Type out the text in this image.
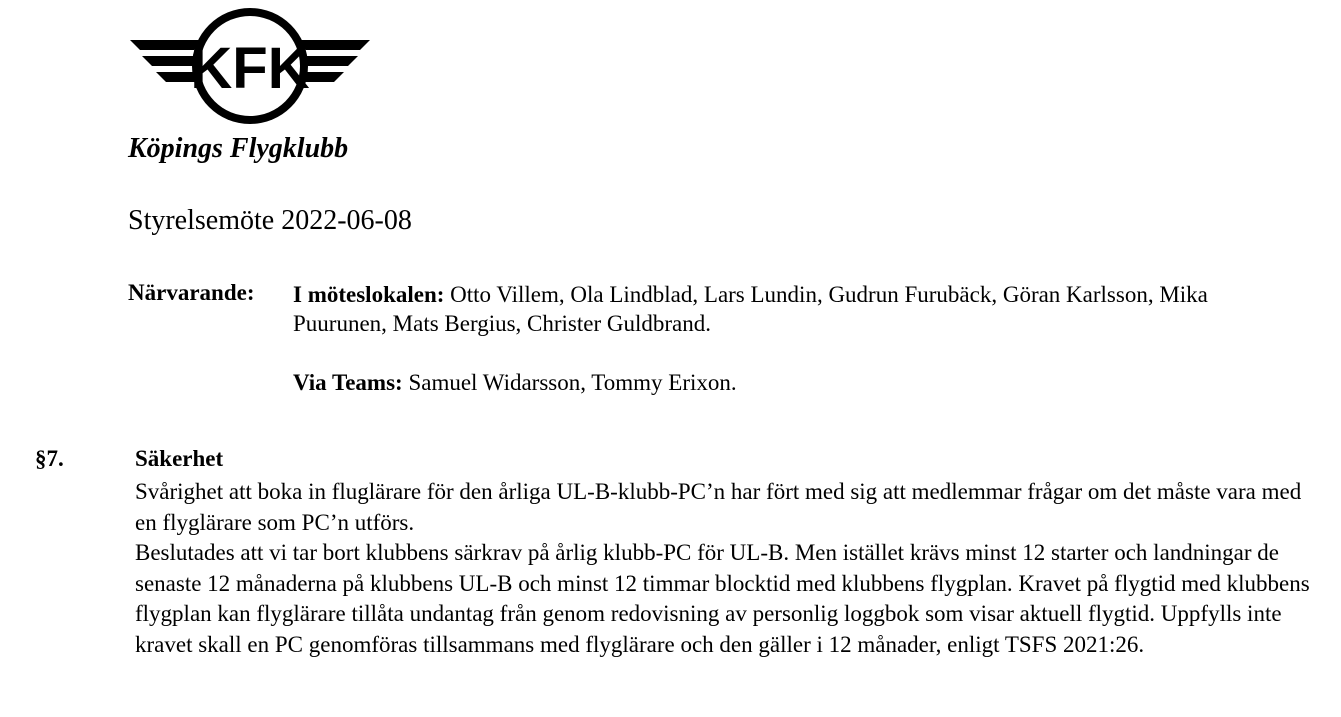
KFK
Köpings Flygklubb
Styrelsemöte 2022-06-08
Närvarande: I möteslokalen: Otto Villem, Ola Lindblad, Lars Lundin, Gudrun Furubäck, Göran Karlsson, Mika Puurunen, Mats Bergius, Christer Guldbrand.
Via Teams: Samuel Widarsson, Tommy Erixon.
§7.	Säkerhet

Svårighet att boka in fluglärare för den årliga UL-B-klubb-PC’n har fört med sig att medlemmar frågar om det måste vara med en flyglärare som PC’n utförs.

Beslutades att vi tar bort klubbens särkrav på årlig klubb-PC för UL-B. Men istället krävs minst 12 starter och landningar de senaste 12 månaderna på klubbens UL-B och minst 12 timmar blocktid med klubbens flygplan. Kravet på flygtid med klubbens flygplan kan flyglärare tillåta undantag från genom redovisning av personlig loggbok som visar aktuell flygtid. Uppfylls inte kravet skall en PC genomföras tillsammans med flyglärare och den gäller i 12 månader, enligt TSFS 2021:26.
